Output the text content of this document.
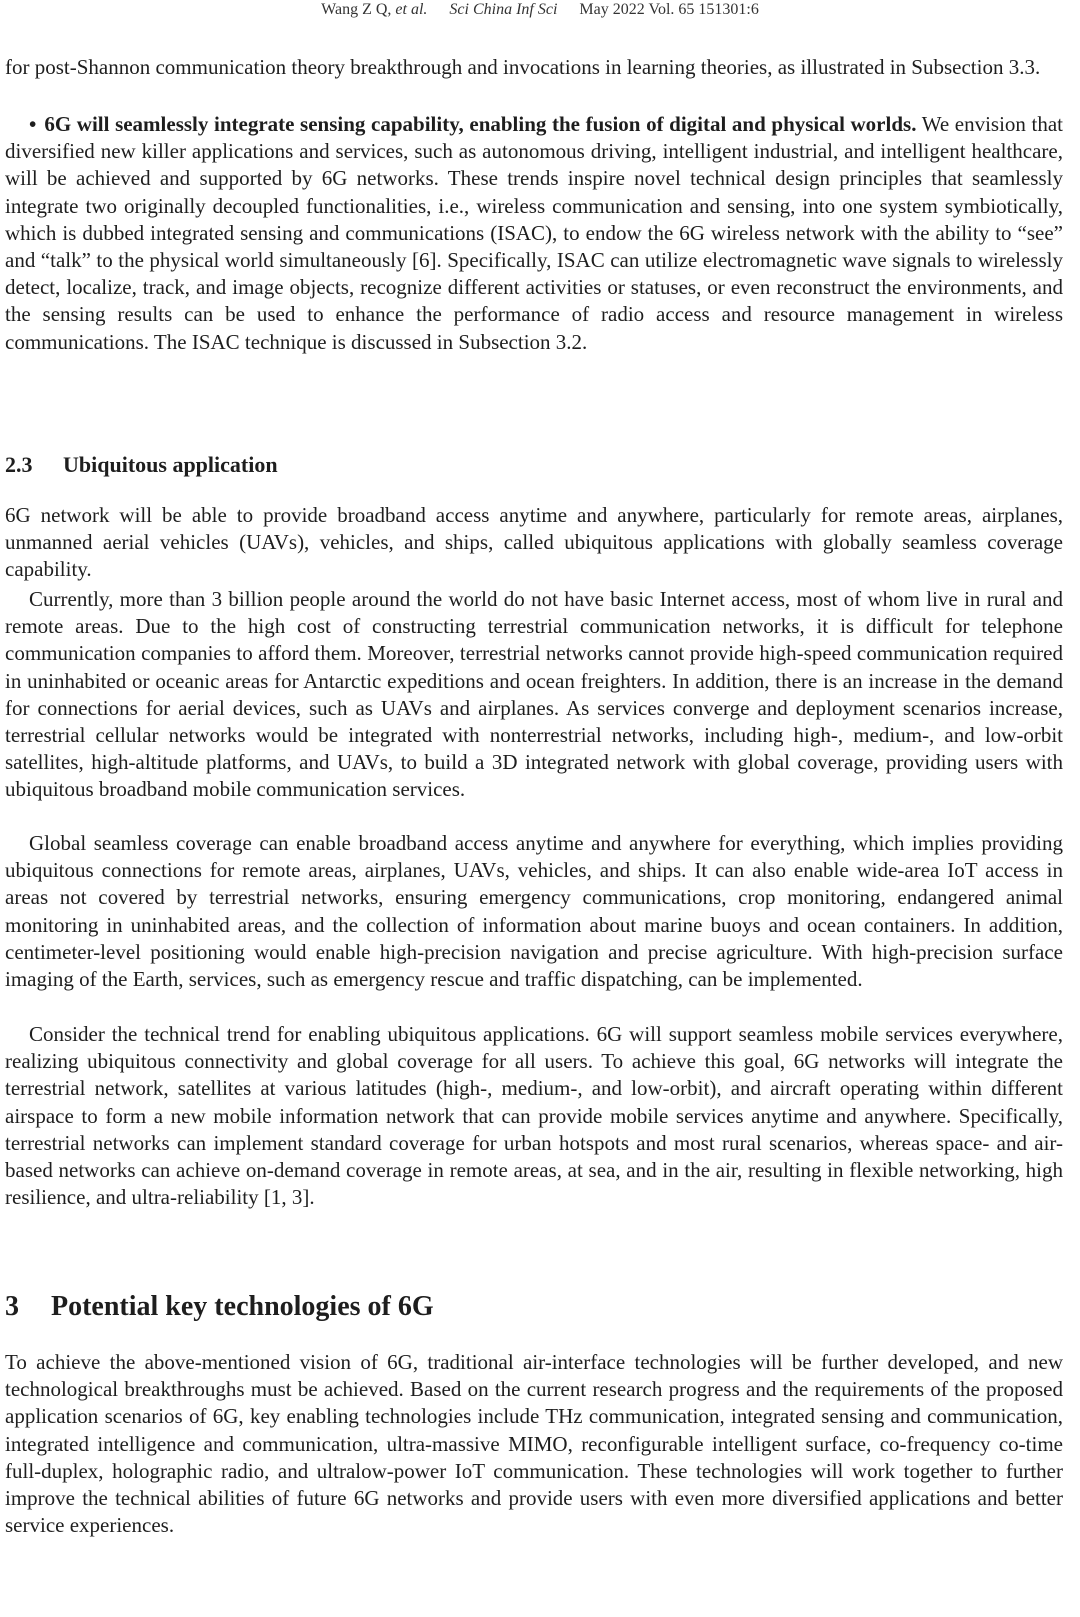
Wang Z Q, et al. Sci China Inf Sci May 2022 Vol. 65 151301:6

for post-Shannon communication theory breakthrough and invocations in learning theories, as illustrated in Subsection 3.3.

• 6G will seamlessly integrate sensing capability, enabling the fusion of digital and physical worlds. We envision that diversified new killer applications and services, such as autonomous driving, intelligent industrial, and intelligent healthcare, will be achieved and supported by 6G networks. These trends inspire novel technical design principles that seamlessly integrate two originally decoupled functionalities, i.e., wireless communication and sensing, into one system symbiotically, which is dubbed integrated sensing and communications (ISAC), to endow the 6G wireless network with the ability to “see” and “talk” to the physical world simultaneously [6]. Specifically, ISAC can utilize electromagnetic wave signals to wirelessly detect, localize, track, and image objects, recognize different activities or statuses, or even reconstruct the environments, and the sensing results can be used to enhance the performance of radio access and resource management in wireless communications. The ISAC technique is discussed in Subsection 3.2.

2.3 Ubiquitous application

6G network will be able to provide broadband access anytime and anywhere, particularly for remote areas, airplanes, unmanned aerial vehicles (UAVs), vehicles, and ships, called ubiquitous applications with globally seamless coverage capability.

Currently, more than 3 billion people around the world do not have basic Internet access, most of whom live in rural and remote areas. Due to the high cost of constructing terrestrial communication networks, it is difficult for telephone communication companies to afford them. Moreover, terrestrial networks cannot provide high-speed communication required in uninhabited or oceanic areas for Antarctic expeditions and ocean freighters. In addition, there is an increase in the demand for connections for aerial devices, such as UAVs and airplanes. As services converge and deployment scenarios increase, terrestrial cellular networks would be integrated with nonterrestrial networks, including high-, medium-, and low-orbit satellites, high-altitude platforms, and UAVs, to build a 3D integrated network with global coverage, providing users with ubiquitous broadband mobile communication services.

Global seamless coverage can enable broadband access anytime and anywhere for everything, which implies providing ubiquitous connections for remote areas, airplanes, UAVs, vehicles, and ships. It can also enable wide-area IoT access in areas not covered by terrestrial networks, ensuring emergency communications, crop monitoring, endangered animal monitoring in uninhabited areas, and the collection of information about marine buoys and ocean containers. In addition, centimeter-level positioning would enable high-precision navigation and precise agriculture. With high-precision surface imaging of the Earth, services, such as emergency rescue and traffic dispatching, can be implemented.

Consider the technical trend for enabling ubiquitous applications. 6G will support seamless mobile services everywhere, realizing ubiquitous connectivity and global coverage for all users. To achieve this goal, 6G networks will integrate the terrestrial network, satellites at various latitudes (high-, medium-, and low-orbit), and aircraft operating within different airspace to form a new mobile information network that can provide mobile services anytime and anywhere. Specifically, terrestrial networks can implement standard coverage for urban hotspots and most rural scenarios, whereas space- and air-based networks can achieve on-demand coverage in remote areas, at sea, and in the air, resulting in flexible networking, high resilience, and ultra-reliability [1, 3].

3 Potential key technologies of 6G

To achieve the above-mentioned vision of 6G, traditional air-interface technologies will be further developed, and new technological breakthroughs must be achieved. Based on the current research progress and the requirements of the proposed application scenarios of 6G, key enabling technologies include THz communication, integrated sensing and communication, integrated intelligence and communication, ultra-massive MIMO, reconfigurable intelligent surface, co-frequency co-time full-duplex, holographic radio, and ultralow-power IoT communication. These technologies will work together to further improve the technical abilities of future 6G networks and provide users with even more diversified applications and better service experiences.
